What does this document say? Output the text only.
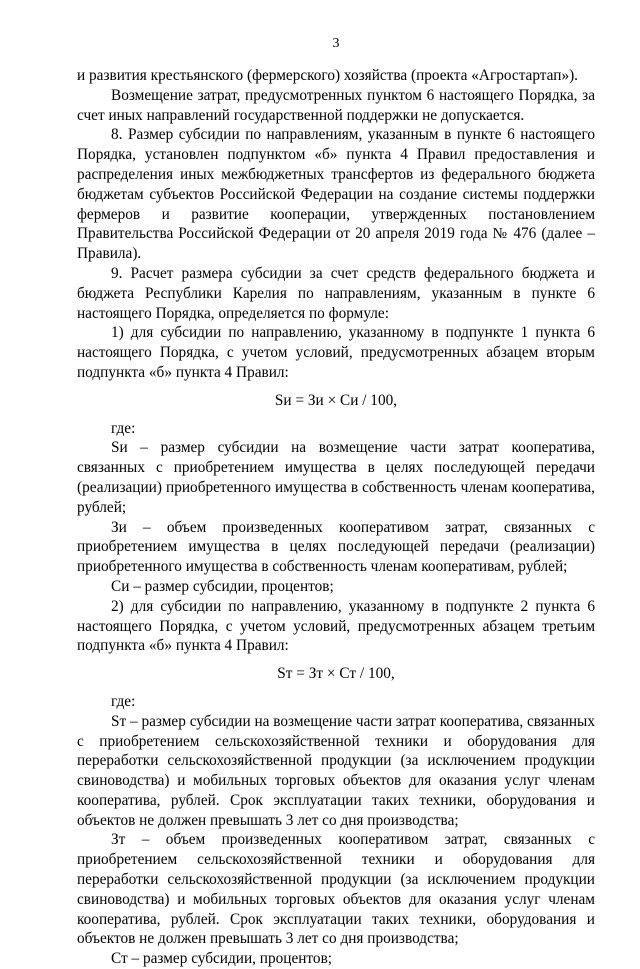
3

и развития крестьянского (фермерского) хозяйства (проекта «Агростартап»).

Возмещение затрат, предусмотренных пунктом 6 настоящего Порядка, за счет иных направлений государственной поддержки не допускается.

8. Размер субсидии по направлениям, указанным в пункте 6 настоящего Порядка, установлен подпунктом «б» пункта 4 Правил предоставления и распределения иных межбюджетных трансфертов из федерального бюджета бюджетам субъектов Российской Федерации на создание системы поддержки фермеров и развитие кооперации, утвержденных постановлением Правительства Российской Федерации от 20 апреля 2019 года № 476 (далее – Правила).

9. Расчет размера субсидии за счет средств федерального бюджета и бюджета Республики Карелия по направлениям, указанным в пункте 6 настоящего Порядка, определяется по формуле:

1) для субсидии по направлению, указанному в подпункте 1 пункта 6 настоящего Порядка, с учетом условий, предусмотренных абзацем вторым подпункта «б» пункта 4 Правил:

Sи = Зи × Си / 100,

где:

Sи – размер субсидии на возмещение части затрат кооператива, связанных с приобретением имущества в целях последующей передачи (реализации) приобретенного имущества в собственность членам кооператива, рублей;

Зи – объем произведенных кооперативом затрат, связанных с приобретением имущества в целях последующей передачи (реализации) приобретенного имущества в собственность членам кооперативам, рублей;

Си – размер субсидии, процентов;

2) для субсидии по направлению, указанному в подпункте 2 пункта 6 настоящего Порядка, с учетом условий, предусмотренных абзацем третьим подпункта «б» пункта 4 Правил:

Sт = Зт × Ст / 100,

где:

Sт – размер субсидии на возмещение части затрат кооператива, связанных с приобретением сельскохозяйственной техники и оборудования для переработки сельскохозяйственной продукции (за исключением продукции свиноводства) и мобильных торговых объектов для оказания услуг членам кооператива, рублей. Срок эксплуатации таких техники, оборудования и объектов не должен превышать 3 лет со дня производства;

Зт – объем произведенных кооперативом затрат, связанных с приобретением сельскохозяйственной техники и оборудования для переработки сельскохозяйственной продукции (за исключением продукции свиноводства) и мобильных торговых объектов для оказания услуг членам кооператива, рублей. Срок эксплуатации таких техники, оборудования и объектов не должен превышать 3 лет со дня производства;

Ст – размер субсидии, процентов;
